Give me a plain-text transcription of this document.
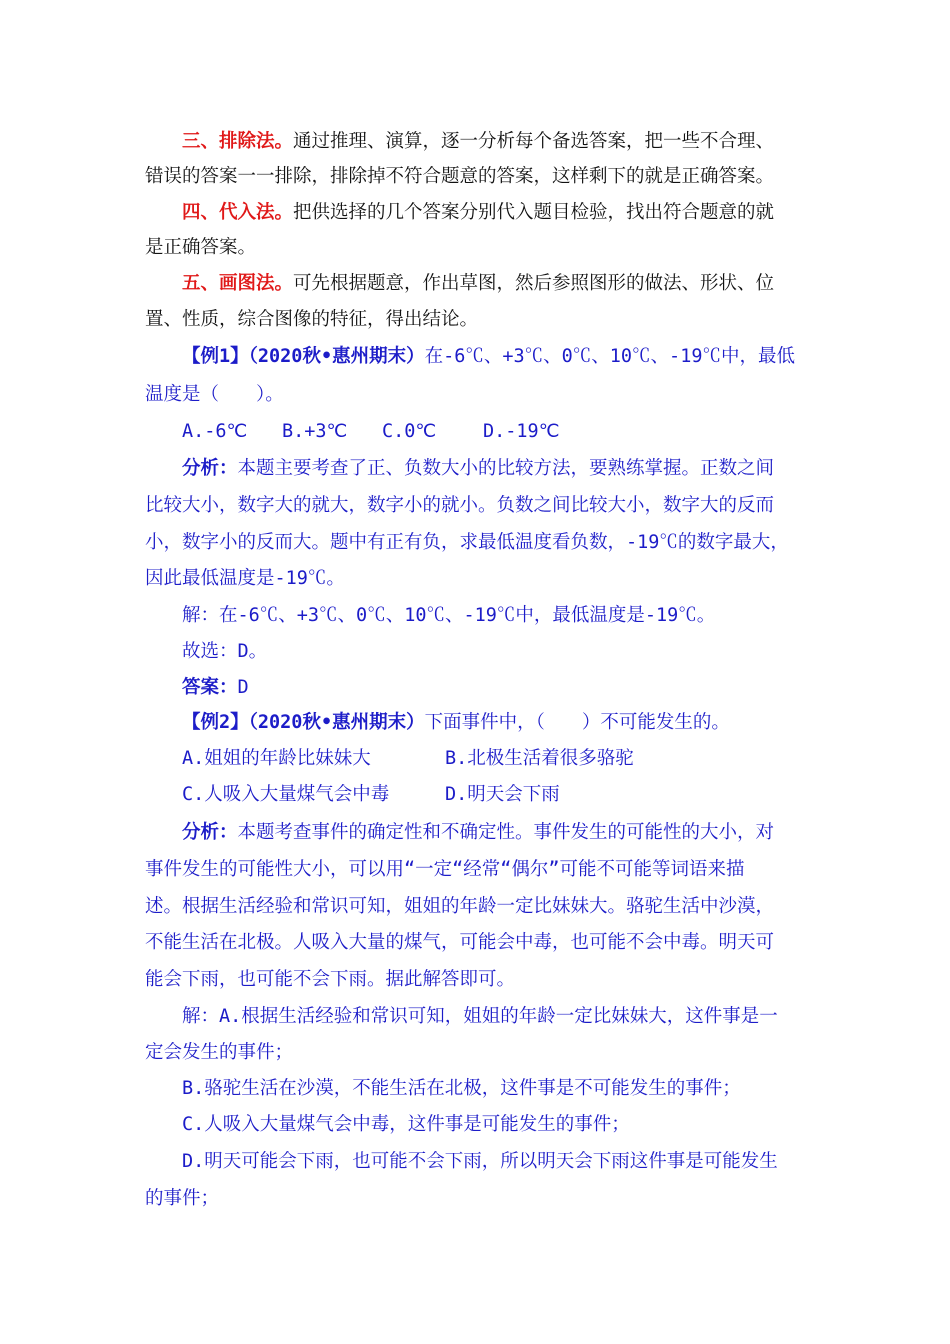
三、排除法。通过推理、演算，逐一分析每个备选答案，把一些不合理、
错误的答案一一排除，排除掉不符合题意的答案，这样剩下的就是正确答案。
四、代入法。把供选择的几个答案分别代入题目检验，找出符合题意的就
是正确答案。
五、画图法。可先根据题意，作出草图，然后参照图形的做法、形状、位
置、性质，综合图像的特征，得出结论。
【例1】（2020秋•惠州期末）在-6℃、+3℃、0℃、10℃、-19℃中，最低
温度是（　　）。
A.-6℃ B.+3℃ C.0℃	D.-19℃
分析：本题主要考查了正、负数大小的比较方法，要熟练掌握。正数之间
比较大小，数字大的就大，数字小的就小。负数之间比较大小，数字大的反而
小，数字小的反而大。题中有正有负，求最低温度看负数，-19℃的数字最大，
因此最低温度是-19℃。
解：在-6℃、+3℃、0℃、10℃、-19℃中，最低温度是-19℃。
故选：D。
答案：D
【例2】（2020秋•惠州期末）下面事件中，（　　）不可能发生的。
A.姐姐的年龄比妹妹大	B.北极生活着很多骆驼
C.人吸入大量煤气会中毒	D.明天会下雨
分析：本题考查事件的确定性和不确定性。事件发生的可能性的大小，对
事件发生的可能性大小，可以用“一定“经常“偶尔”可能不可能等词语来描
述。根据生活经验和常识可知，姐姐的年龄一定比妹妹大。骆驼生活中沙漠，
不能生活在北极。人吸入大量的煤气，可能会中毒，也可能不会中毒。明天可
能会下雨，也可能不会下雨。据此解答即可。
解：A.根据生活经验和常识可知，姐姐的年龄一定比妹妹大，这件事是一
定会发生的事件；
B.骆驼生活在沙漠，不能生活在北极，这件事是不可能发生的事件；
C.人吸入大量煤气会中毒，这件事是可能发生的事件；
D.明天可能会下雨，也可能不会下雨，所以明天会下雨这件事是可能发生
的事件；
